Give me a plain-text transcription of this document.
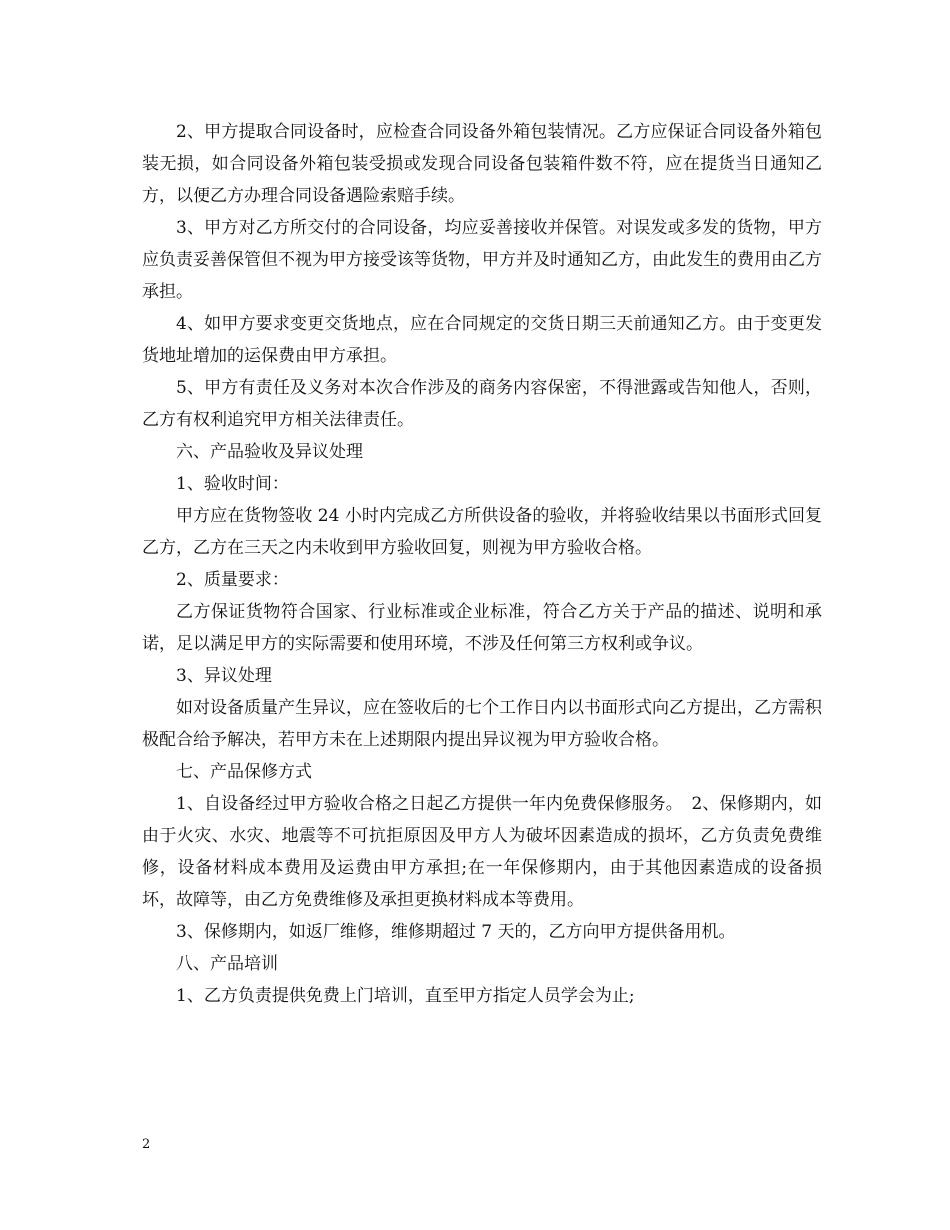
2、甲方提取合同设备时，应检查合同设备外箱包装情况。乙方应保证合同设备外箱包装无损，如合同设备外箱包装受损或发现合同设备包装箱件数不符，应在提货当日通知乙方，以便乙方办理合同设备遇险索赔手续。

3、甲方对乙方所交付的合同设备，均应妥善接收并保管。对误发或多发的货物，甲方应负责妥善保管但不视为甲方接受该等货物，甲方并及时通知乙方，由此发生的费用由乙方承担。

4、如甲方要求变更交货地点，应在合同规定的交货日期三天前通知乙方。由于变更发货地址增加的运保费由甲方承担。

5、甲方有责任及义务对本次合作涉及的商务内容保密，不得泄露或告知他人，否则，乙方有权利追究甲方相关法律责任。

六、产品验收及异议处理

1、验收时间：

甲方应在货物签收 24 小时内完成乙方所供设备的验收，并将验收结果以书面形式回复乙方，乙方在三天之内未收到甲方验收回复，则视为甲方验收合格。

2、质量要求：

乙方保证货物符合国家、行业标准或企业标准，符合乙方关于产品的描述、说明和承诺，足以满足甲方的实际需要和使用环境，不涉及任何第三方权利或争议。

3、异议处理

如对设备质量产生异议，应在签收后的七个工作日内以书面形式向乙方提出，乙方需积极配合给予解决，若甲方未在上述期限内提出异议视为甲方验收合格。

七、产品保修方式

1、自设备经过甲方验收合格之日起乙方提供一年内免费保修服务。　2、保修期内，如由于火灾、水灾、地震等不可抗拒原因及甲方人为破坏因素造成的损坏，乙方负责免费维修，设备材料成本费用及运费由甲方承担;在一年保修期内，由于其他因素造成的设备损坏，故障等，由乙方免费维修及承担更换材料成本等费用。

3、保修期内，如返厂维修，维修期超过 7 天的，乙方向甲方提供备用机。

八、产品培训

1、乙方负责提供免费上门培训，直至甲方指定人员学会为止;

2
